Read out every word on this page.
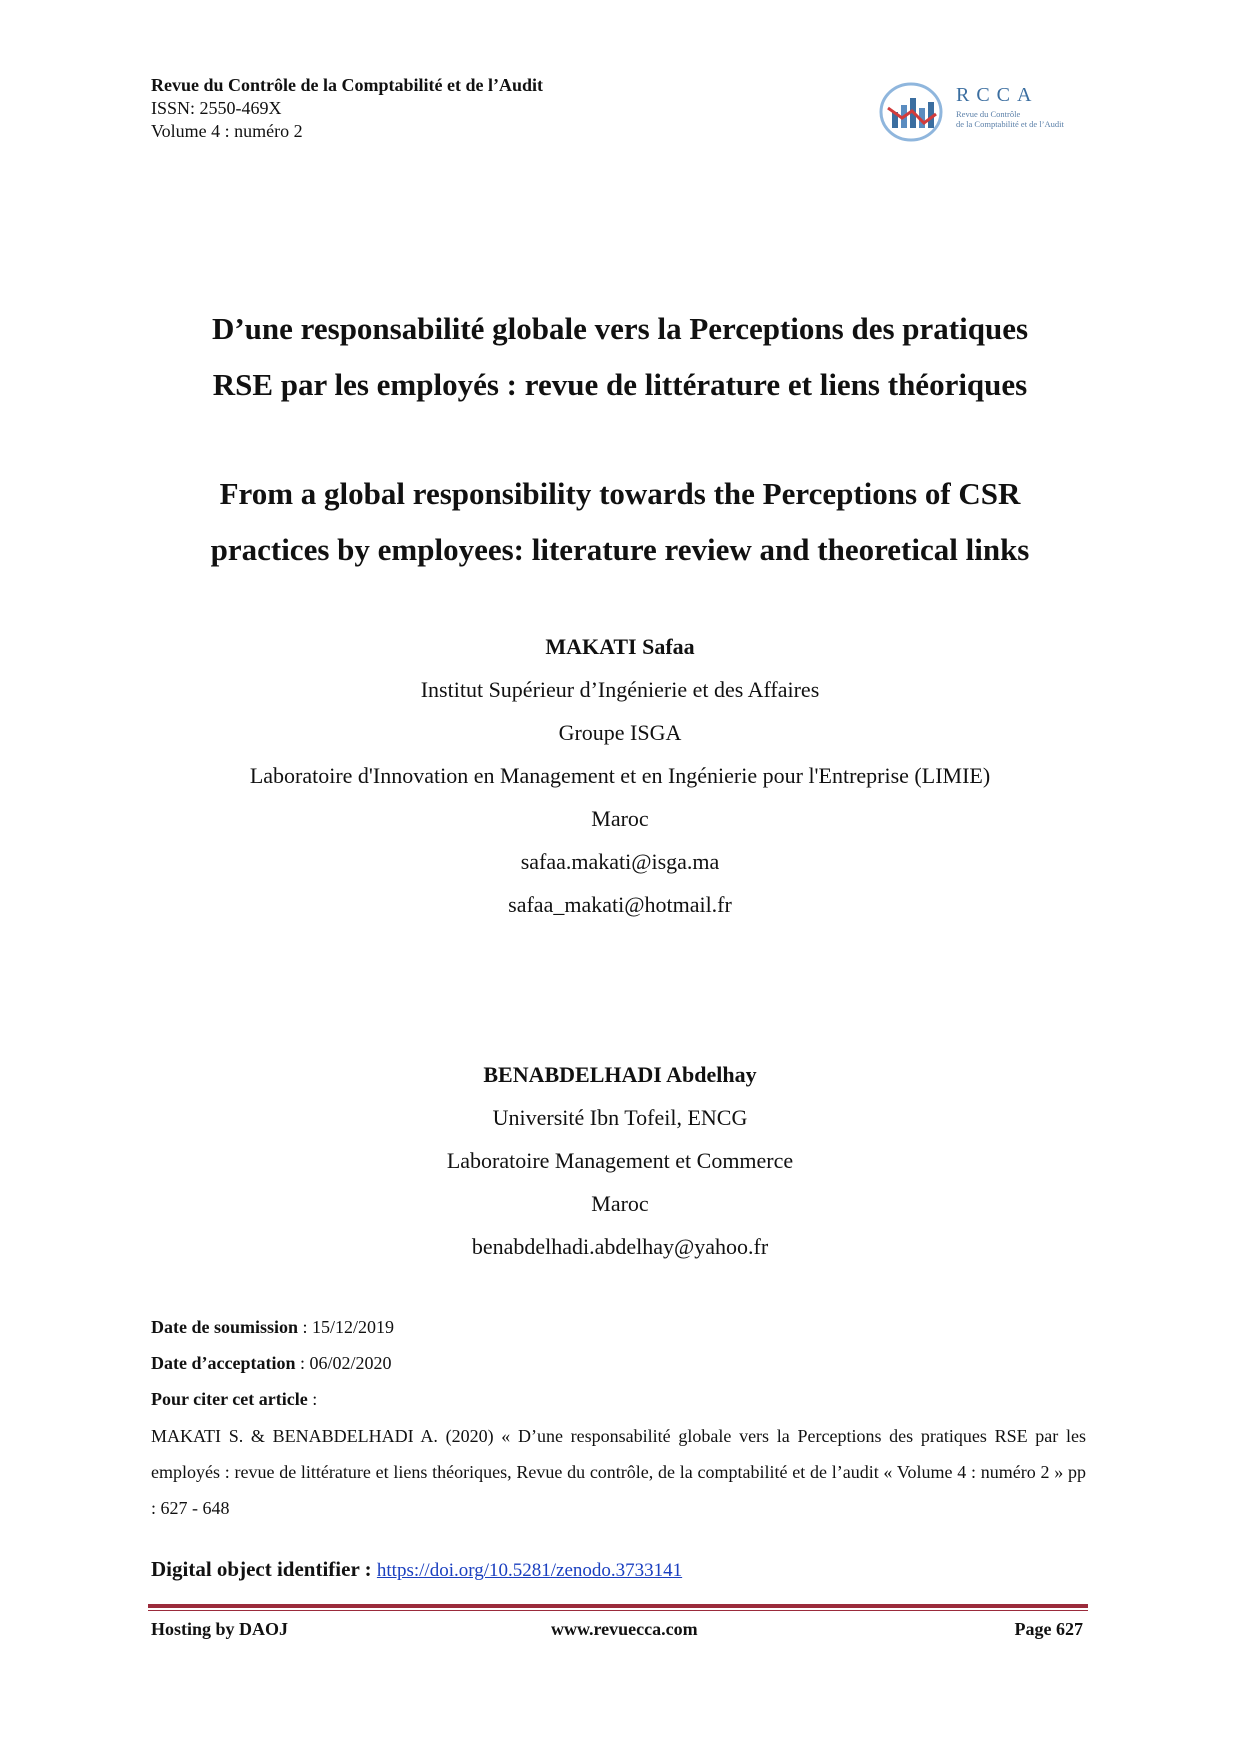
Revue du Contrôle de la Comptabilité et de l’Audit
ISSN: 2550-469X
Volume 4 : numéro 2
RCCA
Revue du Contrôle
de la Comptabilité et de l’Audit
D’une responsabilité globale vers la Perceptions des pratiques
RSE par les employés : revue de littérature et liens théoriques
From a global responsibility towards the Perceptions of CSR
practices by employees: literature review and theoretical links
MAKATI Safaa
Institut Supérieur d’Ingénierie et des Affaires
Groupe ISGA
Laboratoire d'Innovation en Management et en Ingénierie pour l'Entreprise (LIMIE)
Maroc
safaa.makati@isga.ma
safaa_makati@hotmail.fr
BENABDELHADI Abdelhay
Université Ibn Tofeil, ENCG
Laboratoire Management et Commerce
Maroc
benabdelhadi.abdelhay@yahoo.fr
Date de soumission : 15/12/2019
Date d’acceptation : 06/02/2020
Pour citer cet article :
MAKATI S. & BENABDELHADI A. (2020) « D’une responsabilité globale vers la Perceptions des pratiques RSE par les employés : revue de littérature et liens théoriques, Revue du contrôle, de la comptabilité et de l’audit « Volume 4 : numéro 2 » pp : 627 - 648
Digital object identifier : https://doi.org/10.5281/zenodo.3733141
Hosting by DAOJ	www.revuecca.com	Page 627
